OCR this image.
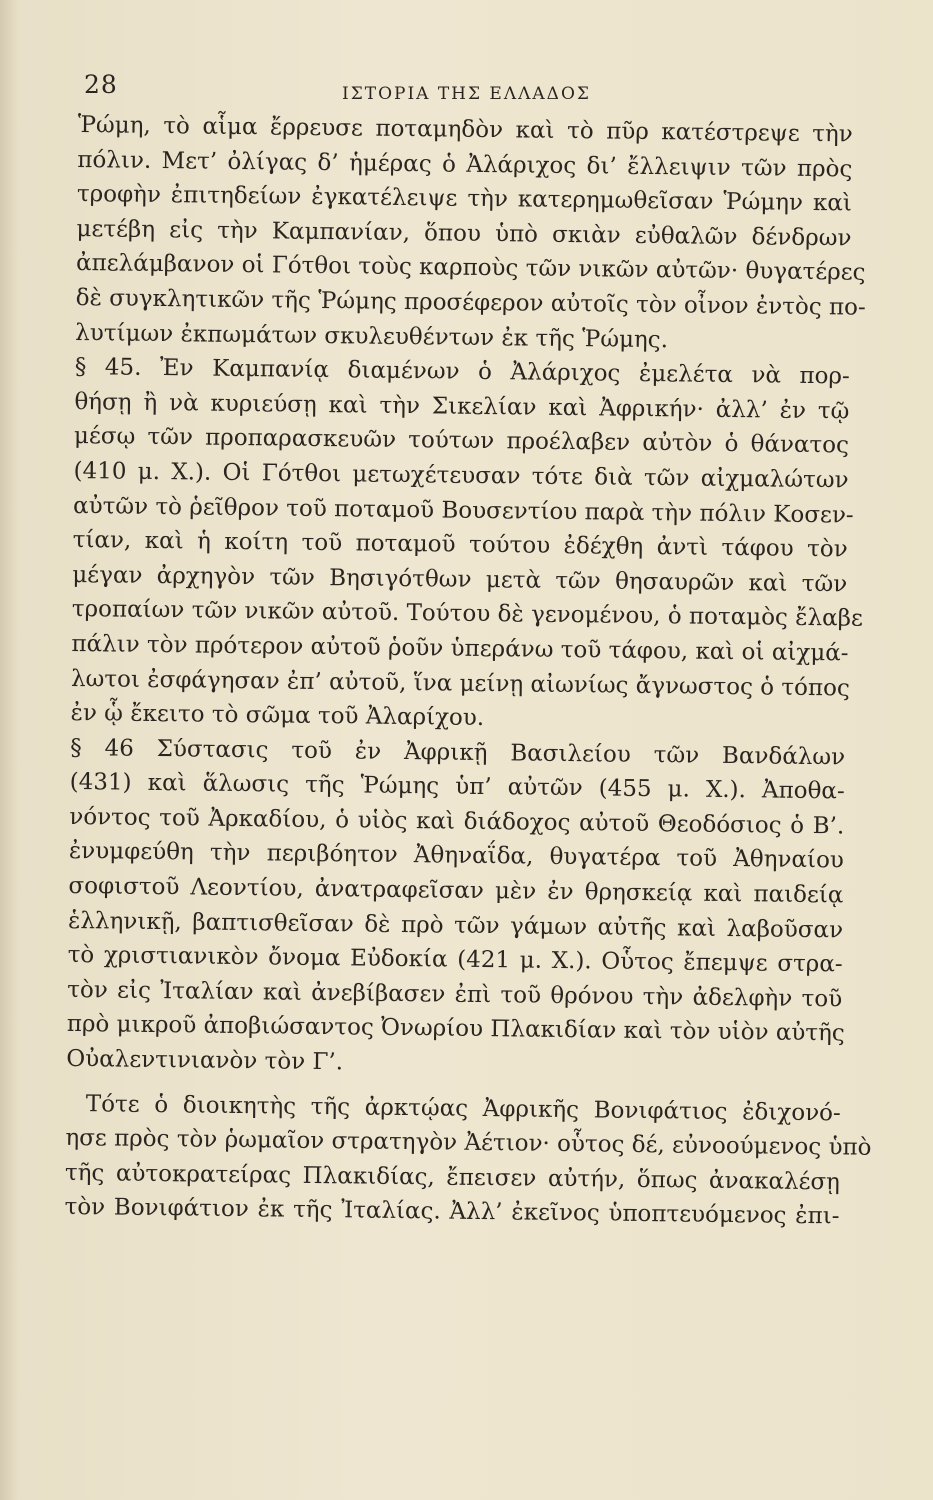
28	ΙΣΤΟΡΙΑ ΤΗΣ ΕΛΛΑΔΟΣ
Ῥώμη, τὸ αἷμα ἔρρευσε ποταμηδὸν καὶ τὸ πῦρ κατέστρεψε τὴν
πόλιν. Μετ’ ὀλίγας δ’ ἡμέρας ὁ Ἀλάριχος δι’ ἔλλειψιν τῶν πρὸς
τροφὴν ἐπιτηδείων ἐγκατέλειψε τὴν κατερημωθεῖσαν Ῥώμην καὶ
μετέβη εἰς τὴν Καμπανίαν, ὅπου ὑπὸ σκιὰν εὐθαλῶν δένδρων
ἀπελάμβανον οἱ Γότθοι τοὺς καρποὺς τῶν νικῶν αὐτῶν· θυγατέρες
δὲ συγκλητικῶν τῆς Ῥώμης προσέφερον αὐτοῖς τὸν οἶνον ἐντὸς πο-
λυτίμων ἐκπωμάτων σκυλευθέντων ἐκ τῆς Ῥώμης.
§ 45. Ἐν Καμπανίᾳ διαμένων ὁ Ἀλάριχος ἐμελέτα νὰ πορ-
θήσῃ ἢ νὰ κυριεύσῃ καὶ τὴν Σικελίαν καὶ Ἀφρικήν· ἀλλ’ ἐν τῷ
μέσῳ τῶν προπαρασκευῶν τούτων προέλαβεν αὐτὸν ὁ θάνατος
(410 μ. Χ.). Οἱ Γότθοι μετωχέτευσαν τότε διὰ τῶν αἰχμαλώτων
αὐτῶν τὸ ῥεῖθρον τοῦ ποταμοῦ Βουσεντίου παρὰ τὴν πόλιν Κοσεν-
τίαν, καὶ ἡ κοίτη τοῦ ποταμοῦ τούτου ἐδέχθη ἀντὶ τάφου τὸν
μέγαν ἀρχηγὸν τῶν Βησιγότθων μετὰ τῶν θησαυρῶν καὶ τῶν
τροπαίων τῶν νικῶν αὐτοῦ. Τούτου δὲ γενομένου, ὁ ποταμὸς ἔλαβε
πάλιν τὸν πρότερον αὐτοῦ ῥοῦν ὑπεράνω τοῦ τάφου, καὶ οἱ αἰχμά-
λωτοι ἐσφάγησαν ἐπ’ αὐτοῦ, ἵνα μείνῃ αἰωνίως ἄγνωστος ὁ τόπος
ἐν ᾧ ἔκειτο τὸ σῶμα τοῦ Ἀλαρίχου.
§ 46 Σύστασις τοῦ ἐν Ἀφρικῇ Βασιλείου τῶν Βανδάλων
(431) καὶ ἅλωσις τῆς Ῥώμης ὑπ’ αὐτῶν (455 μ. Χ.). Ἀποθα-
νόντος τοῦ Ἀρκαδίου, ὁ υἱὸς καὶ διάδοχος αὐτοῦ Θεοδόσιος ὁ Β’.
ἐνυμφεύθη τὴν περιβόητον Ἀθηναΐδα, θυγατέρα τοῦ Ἀθηναίου
σοφιστοῦ Λεοντίου, ἀνατραφεῖσαν μὲν ἐν θρησκείᾳ καὶ παιδείᾳ
ἑλληνικῇ, βαπτισθεῖσαν δὲ πρὸ τῶν γάμων αὐτῆς καὶ λαβοῦσαν
τὸ χριστιανικὸν ὄνομα Εὐδοκία (421 μ. Χ.). Οὗτος ἔπεμψε στρα-
τὸν εἰς Ἰταλίαν καὶ ἀνεβίβασεν ἐπὶ τοῦ θρόνου τὴν ἀδελφὴν τοῦ
πρὸ μικροῦ ἀποβιώσαντος Ὀνωρίου Πλακιδίαν καὶ τὸν υἱὸν αὐτῆς
Οὐαλεντινιανὸν τὸν Γ’.
Τότε ὁ διοικητὴς τῆς ἀρκτῴας Ἀφρικῆς Βονιφάτιος ἐδιχονό-
ησε πρὸς τὸν ῥωμαῖον στρατηγὸν Ἀέτιον· οὗτος δέ, εὐνοούμενος ὑπὸ
τῆς αὐτοκρατείρας Πλακιδίας, ἔπεισεν αὐτήν, ὅπως ἀνακαλέσῃ
τὸν Βονιφάτιον ἐκ τῆς Ἰταλίας. Ἀλλ’ ἐκεῖνος ὑποπτευόμενος ἐπι-
